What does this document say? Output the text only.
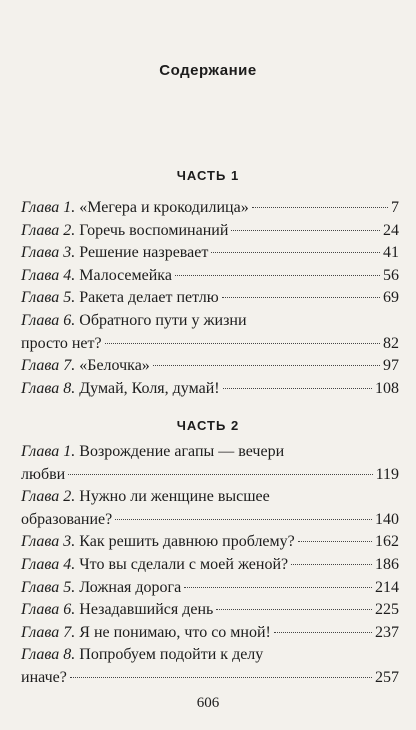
Содержание
ЧАСТЬ 1
Глава 1. «Мегера и крокодилица»	7
Глава 2. Горечь воспоминаний	24
Глава 3. Решение назревает	41
Глава 4. Малосемейка	56
Глава 5. Ракета делает петлю	69
Глава 6. Обратного пути у жизни
просто нет?	82
Глава 7. «Белочка»	97
Глава 8. Думай, Коля, думай!	108
ЧАСТЬ 2
Глава 1. Возрождение агапы — вечери
любви	119
Глава 2. Нужно ли женщине высшее
образование?	140
Глава 3. Как решить давнюю проблему?	162
Глава 4. Что вы сделали с моей женой?	186
Глава 5. Ложная дорога	214
Глава 6. Незадавшийся день	225
Глава 7. Я не понимаю, что со мной!	237
Глава 8. Попробуем подойти к делу
иначе?	257
606
